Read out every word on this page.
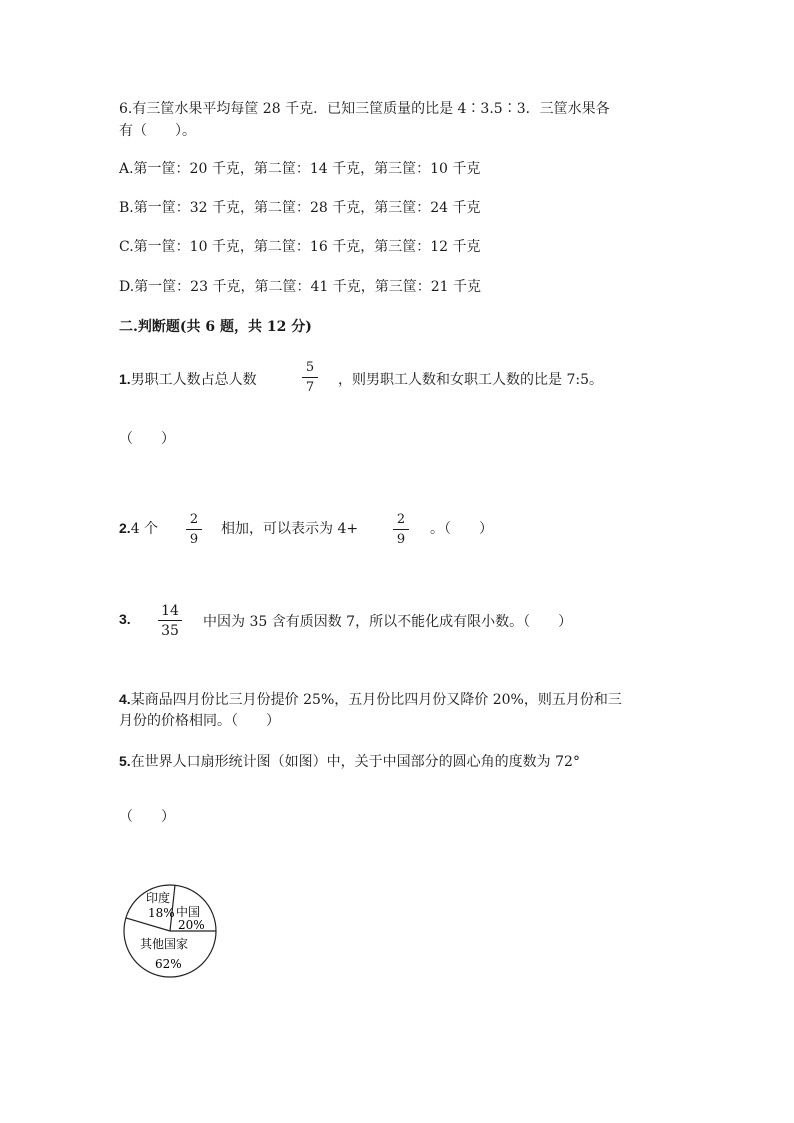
6.有三筐水果平均每筐 28 千克．已知三筐质量的比是 4∶3.5∶3．三筐水果各
有（　　）。
A.第一筐：20 千克，第二筐：14 千克，第三筐：10 千克
B.第一筐：32 千克，第二筐：28 千克，第三筐：24 千克
C.第一筐：10 千克，第二筐：16 千克，第三筐：12 千克
D.第一筐：23 千克，第二筐：41 千克，第三筐：21 千克
二.判断题(共 6 题，共 12 分)
1.男职工人数占总人数
5
7 ，则男职工人数和女职工人数的比是 7:5。
（　　）
2.4 个
2
9
相加，可以表示为 4+
2
9
。（　　）
3. 14
35
中因为 35 含有质因数 7，所以不能化成有限小数。（　　）
4.某商品四月份比三月份提价 25%，五月份比四月份又降价 20%，则五月份和三
月份的价格相同。（　　）
5.在世界人口扇形统计图（如图）中，关于中国部分的圆心角的度数为 72°
（　　）
印度
18% 中国
20%
其他国家
62%
